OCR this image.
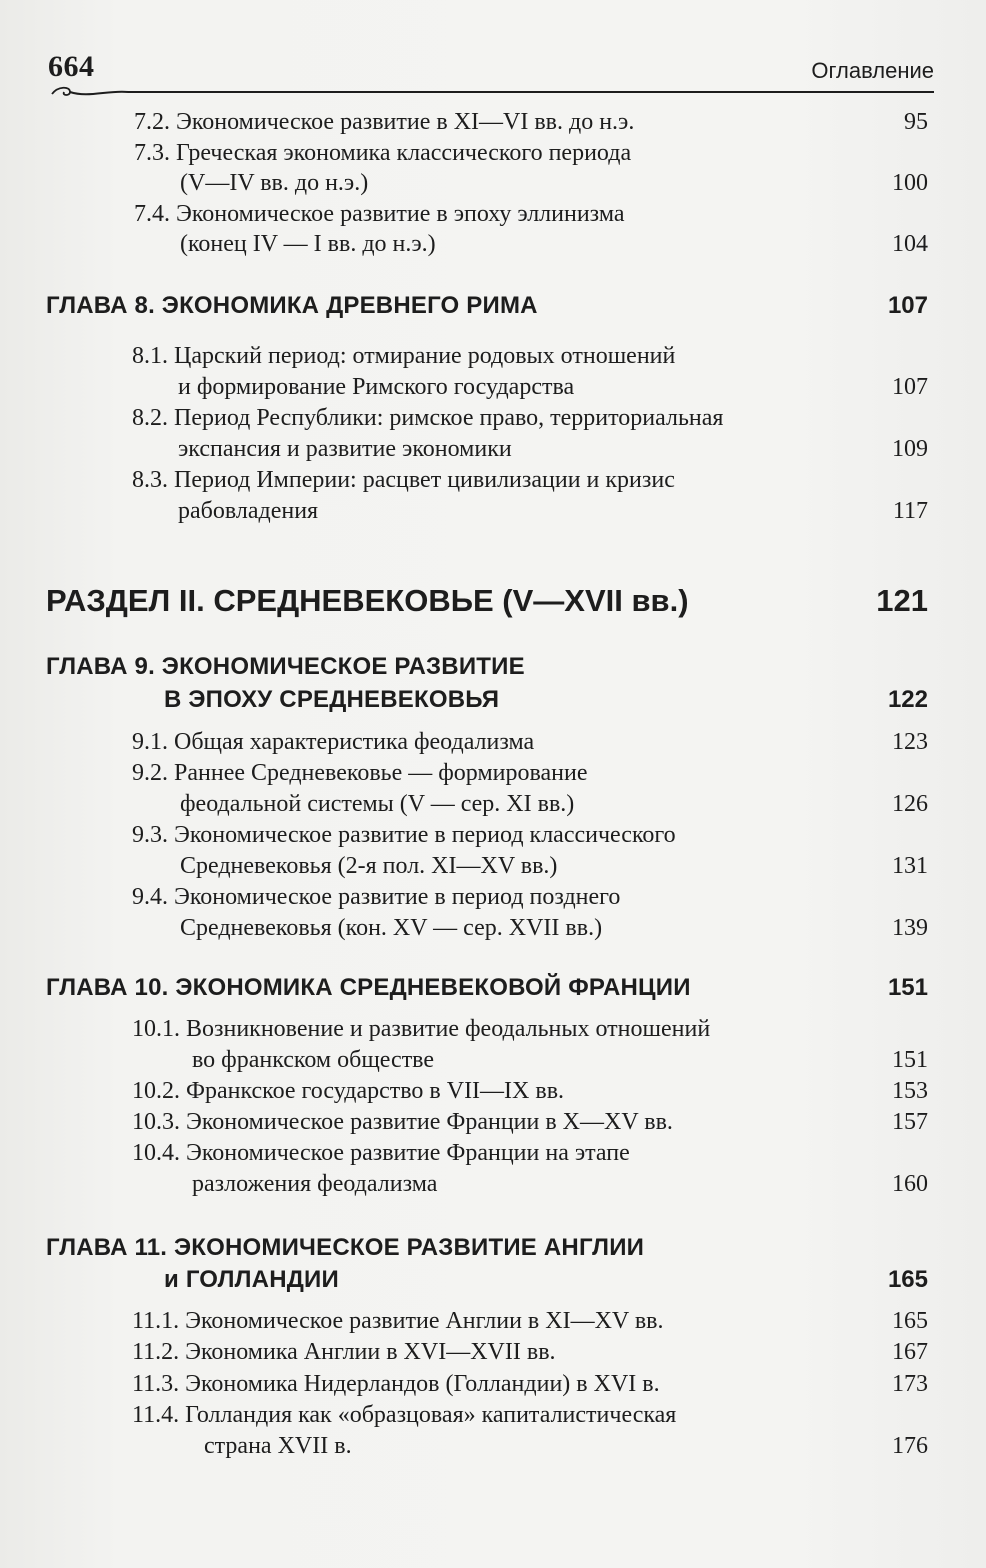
664	Оглавление
7.2. Экономическое развитие в XI—VI вв. до н.э.	95
7.3. Греческая экономика классического периода
(V—IV вв. до н.э.)	100
7.4. Экономическое развитие в эпоху эллинизма
(конец IV — I вв. до н.э.)	104
ГЛАВА 8. ЭКОНОМИКА ДРЕВНЕГО РИМА	107
8.1. Царский период: отмирание родовых отношений
и формирование Римского государства	107
8.2. Период Республики: римское право, территориальная
экспансия и развитие экономики	109
8.3. Период Империи: расцвет цивилизации и кризис
рабовладения	117
РАЗДЕЛ II. СРЕДНЕВЕКОВЬЕ (V—XVII вв.)	121
ГЛАВА 9. ЭКОНОМИЧЕСКОЕ РАЗВИТИЕ
В ЭПОХУ СРЕДНЕВЕКОВЬЯ	122
9.1. Общая характеристика феодализма	123
9.2. Раннее Средневековье — формирование
феодальной системы (V — сер. XI вв.)	126
9.3. Экономическое развитие в период классического
Средневековья (2-я пол. XI—XV вв.)	131
9.4. Экономическое развитие в период позднего
Средневековья (кон. XV — сер. XVII вв.)	139
ГЛАВА 10. ЭКОНОМИКА СРЕДНЕВЕКОВОЙ ФРАНЦИИ	151
10.1. Возникновение и развитие феодальных отношений
во франкском обществе	151
10.2. Франкское государство в VII—IX вв.	153
10.3. Экономическое развитие Франции в X—XV вв.	157
10.4. Экономическое развитие Франции на этапе
разложения феодализма	160
ГЛАВА 11. ЭКОНОМИЧЕСКОЕ РАЗВИТИЕ АНГЛИИ
и ГОЛЛАНДИИ	165
11.1. Экономическое развитие Англии в XI—XV вв.	165
11.2. Экономика Англии в XVI—XVII вв.	167
11.3. Экономика Нидерландов (Голландии) в XVI в.	173
11.4. Голландия как «образцовая» капиталистическая
страна XVII в.	176
